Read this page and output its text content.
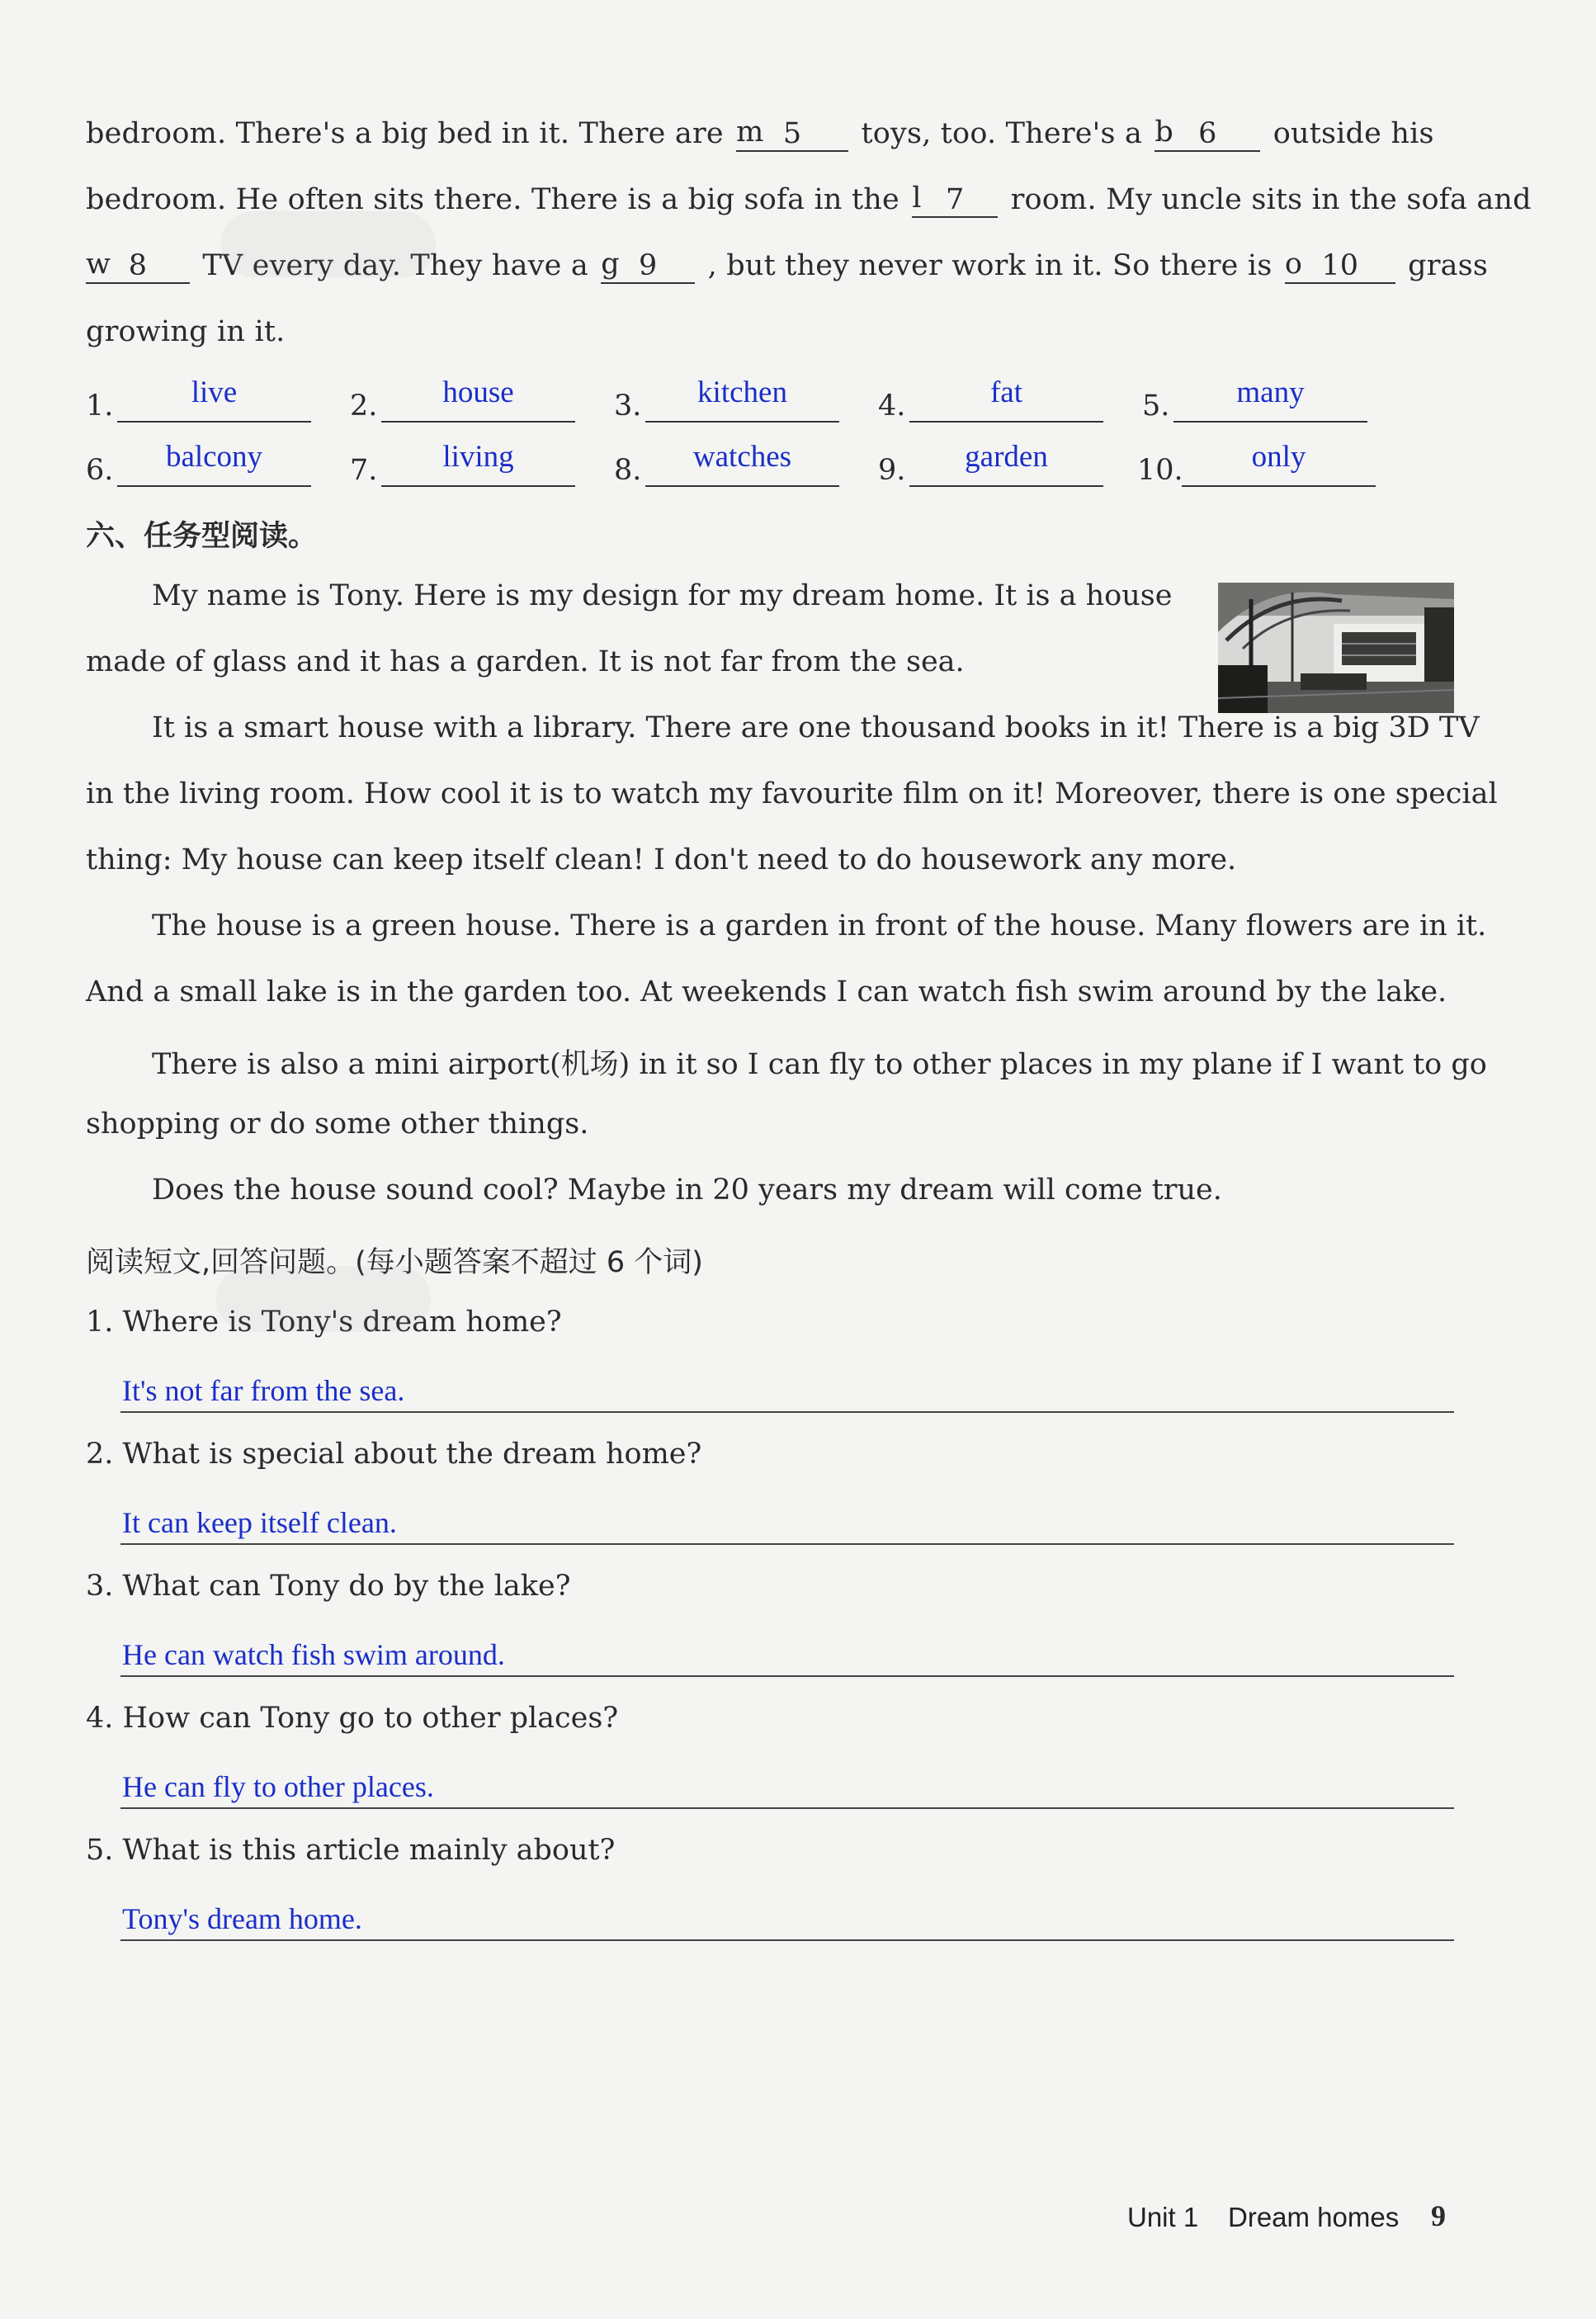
bedroom. There's a big bed in it. There are m 5 toys, too. There's a b 6 outside his
bedroom. He often sits there. There is a big sofa in the l 7 room. My uncle sits in the sofa and
w 8 TV every day. They have a g 9 , but they never work in it. So there is o 10 grass
growing in it.
1.	live	2.	house	3.	kitchen	4.	fat	5.	many
6.	balcony	7.	living	8.	watches	9.	garden	10.	only
六、任务型阅读。
My name is Tony. Here is my design for my dream home. It is a house
made of glass and it has a garden. It is not far from the sea.
It is a smart house with a library. There are one thousand books in it! There is a big 3D TV
in the living room. How cool it is to watch my favourite film on it! Moreover, there is one special
thing: My house can keep itself clean! I don't need to do housework any more.
The house is a green house. There is a garden in front of the house. Many flowers are in it.
And a small lake is in the garden too. At weekends I can watch fish swim around by the lake.
There is also a mini airport(机场) in it so I can fly to other places in my plane if I want to go
shopping or do some other things.
Does the house sound cool? Maybe in 20 years my dream will come true.
阅读短文,回答问题。(每小题答案不超过 6 个词)
1. Where is Tony's dream home?
It's not far from the sea.
2. What is special about the dream home?
It can keep itself clean.
3. What can Tony do by the lake?
He can watch fish swim around.
4. How can Tony go to other places?
He can fly to other places.
5. What is this article mainly about?
Tony's dream home.
Unit 1 Dream homes 9
